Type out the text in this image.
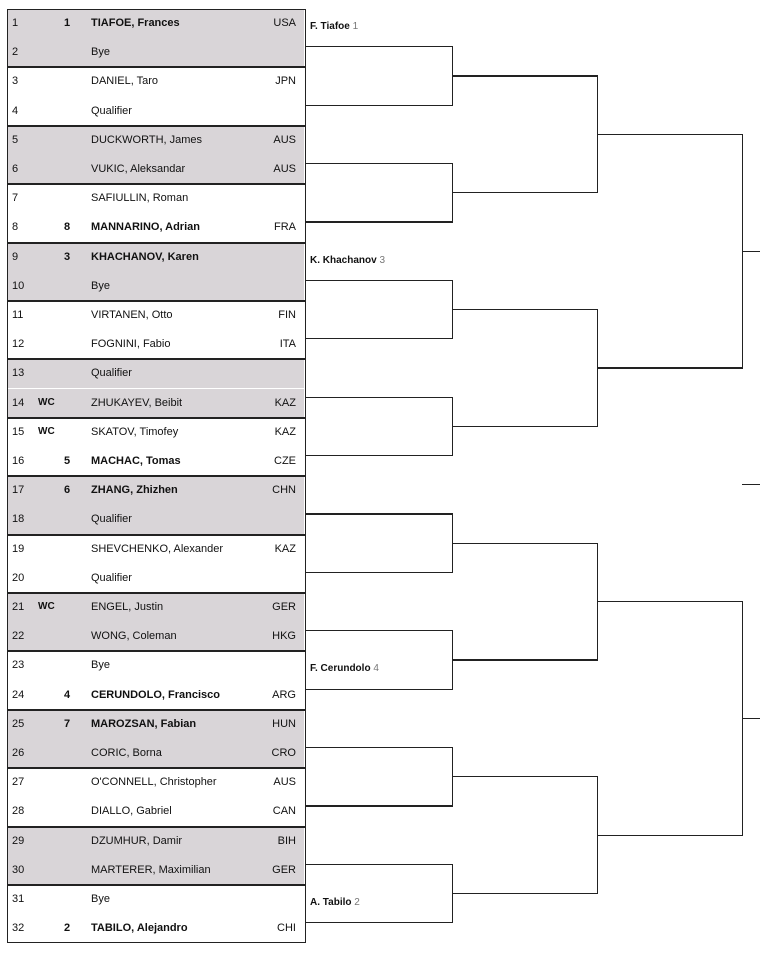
1	1 TIAFOE, Frances	USA
2	Bye
3	DANIEL, Taro	JPN
4	Qualifier
5	DUCKWORTH, James	AUS
6	VUKIC, Aleksandar	AUS
7	SAFIULLIN, Roman
8	8 MANNARINO, Adrian	FRA
9	3 KHACHANOV, Karen
10	Bye
11	VIRTANEN, Otto	FIN
12	FOGNINI, Fabio	ITA
13	Qualifier
14 WC	ZHUKAYEV, Beibit	KAZ
15 WC	SKATOV, Timofey	KAZ
16	5 MACHAC, Tomas	CZE
17	6 ZHANG, Zhizhen	CHN
18	Qualifier
19	SHEVCHENKO, Alexander	KAZ
20	Qualifier
21 WC	ENGEL, Justin	GER
22	WONG, Coleman	HKG
23	Bye
24	4 CERUNDOLO, Francisco	ARG
25	7 MAROZSAN, Fabian	HUN
26	CORIC, Borna	CRO
27	O'CONNELL, Christopher	AUS
28	DIALLO, Gabriel	CAN
29	DZUMHUR, Damir	BIH
30	MARTERER, Maximilian	GER
31	Bye
32	2 TABILO, Alejandro	CHI
F. Tiafoe 1
K. Khachanov 3
F. Cerundolo 4
A. Tabilo 2
